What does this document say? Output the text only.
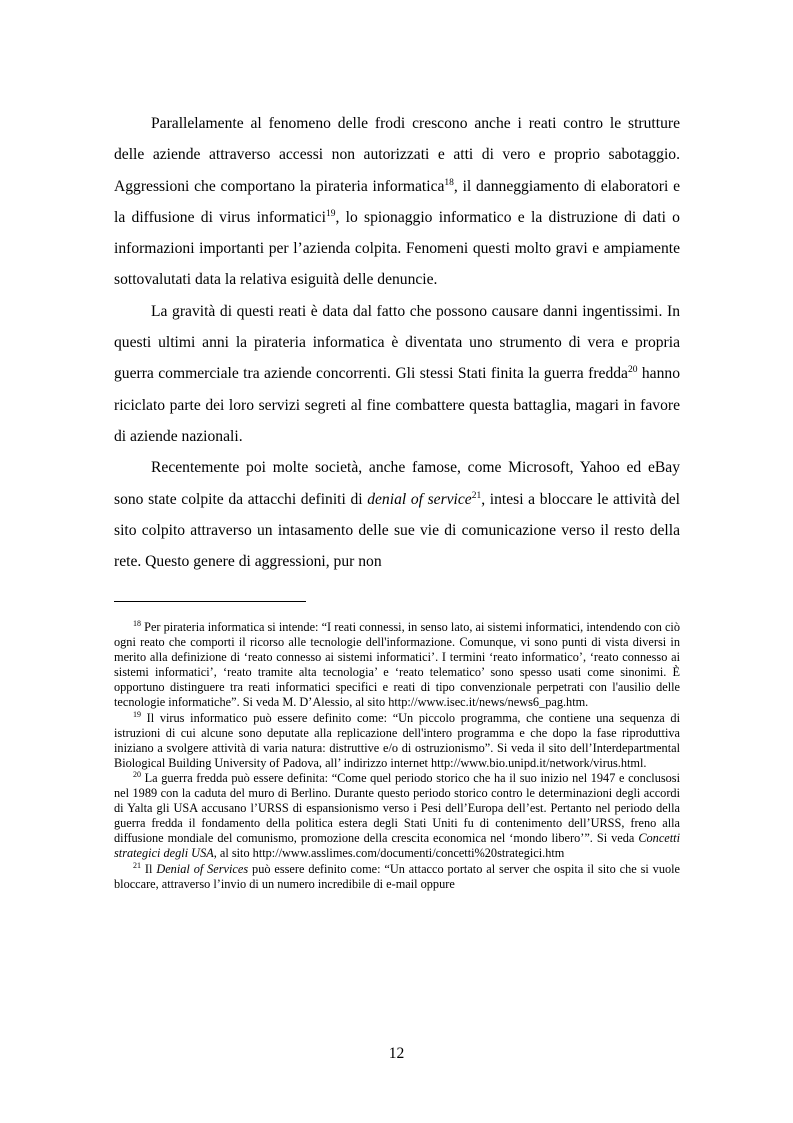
Parallelamente al fenomeno delle frodi crescono anche i reati contro le strutture delle aziende attraverso accessi non autorizzati e atti di vero e proprio sabotaggio. Aggressioni che comportano la pirateria informatica$^{18}$, il danneggiamento di elaboratori e la diffusione di virus informatici$^{19}$, lo spionaggio informatico e la distruzione di dati o informazioni importanti per l’azienda colpita. Fenomeni questi molto gravi e ampiamente sottovalutati data la relativa esiguità delle denuncie.

La gravità di questi reati è data dal fatto che possono causare danni ingentissimi. In questi ultimi anni la pirateria informatica è diventata uno strumento di vera e propria guerra commerciale tra aziende concorrenti. Gli stessi Stati finita la guerra fredda$^{20}$ hanno riciclato parte dei loro servizi segreti al fine combattere questa battaglia, magari in favore di aziende nazionali.

Recentemente poi molte società, anche famose, come Microsoft, Yahoo ed eBay sono state colpite da attacchi definiti di denial of service$^{21}$, intesi a bloccare le attività del sito colpito attraverso un intasamento delle sue vie di comunicazione verso il resto della rete. Questo genere di aggressioni, pur non

$^{18}$ Per pirateria informatica si intende: “I reati connessi, in senso lato, ai sistemi informatici, intendendo con ciò ogni reato che comporti il ricorso alle tecnologie dell'informazione. Comunque, vi sono punti di vista diversi in merito alla definizione di ‘reato connesso ai sistemi informatici’. I termini ‘reato informatico’, ‘reato connesso ai sistemi informatici’, ‘reato tramite alta tecnologia’ e ‘reato telematico’ sono spesso usati come sinonimi. È opportuno distinguere tra reati informatici specifici e reati di tipo convenzionale perpetrati con l'ausilio delle tecnologie informatiche”. Si veda M. D’Alessio, al sito http://www.isec.it/news/news6_pag.htm.

$^{19}$ Il virus informatico può essere definito come: “Un piccolo programma, che contiene una sequenza di istruzioni di cui alcune sono deputate alla replicazione dell'intero programma e che dopo la fase riproduttiva iniziano a svolgere attività di varia natura: distruttive e/o di ostruzionismo”. Si veda il sito dell’Interdepartmental Biological Building University of Padova, all’ indirizzo internet http://www.bio.unipd.it/network/virus.html.

$^{20}$ La guerra fredda può essere definita: “Come quel periodo storico che ha il suo inizio nel 1947 e conclusosi nel 1989 con la caduta del muro di Berlino. Durante questo periodo storico contro le determinazioni degli accordi di Yalta gli USA accusano l’URSS di espansionismo verso i Pesi dell’Europa dell’est. Pertanto nel periodo della guerra fredda il fondamento della politica estera degli Stati Uniti fu di contenimento dell’URSS, freno alla diffusione mondiale del comunismo, promozione della crescita economica nel ‘mondo libero’”. Si veda Concetti strategici degli USA, al sito http://www.asslimes.com/documenti/concetti%20strategici.htm

$^{21}$ Il Denial of Services può essere definito come: “Un attacco portato al server che ospita il sito che si vuole bloccare, attraverso l’invio di un numero incredibile di e-mail oppure

12
